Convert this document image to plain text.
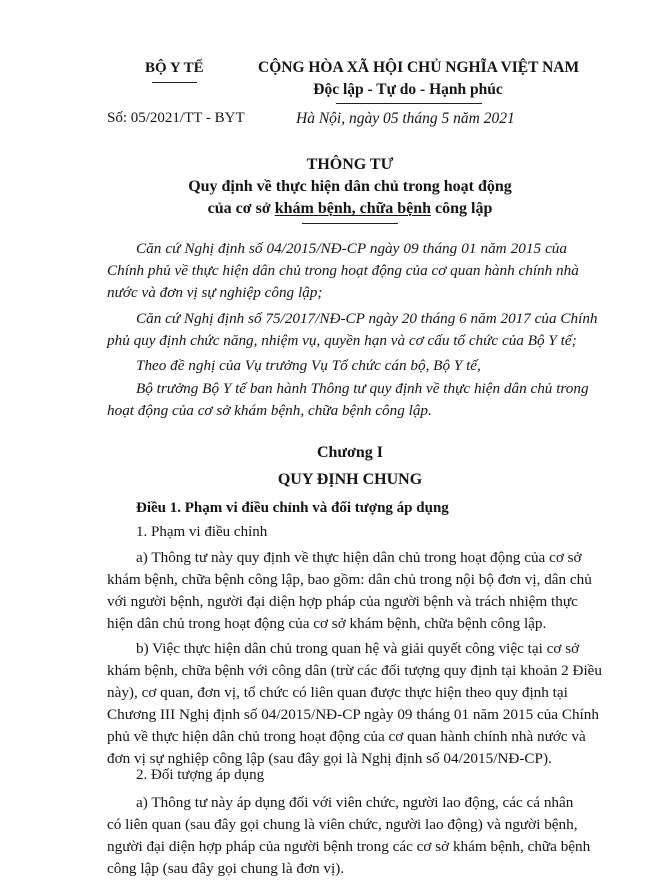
BỘ Y TẾ
Số: 05/2021/TT - BYT
CỘNG HÒA XÃ HỘI CHỦ NGHĨA VIỆT NAM
Độc lập - Tự do - Hạnh phúc
Hà Nội, ngày 05 tháng 5 năm 2021
THÔNG TƯ
Quy định về thực hiện dân chủ trong hoạt động
của cơ sở khám bệnh, chữa bệnh công lập
Căn cứ Nghị định số 04/2015/NĐ-CP ngày 09 tháng 01 năm 2015 của
Chính phủ về thực hiện dân chủ trong hoạt động của cơ quan hành chính nhà
nước và đơn vị sự nghiệp công lập;
Căn cứ Nghị định số 75/2017/NĐ-CP ngày 20 tháng 6 năm 2017 của Chính
phủ quy định chức năng, nhiệm vụ, quyền hạn và cơ cấu tổ chức của Bộ Y tế;
Theo đề nghị của Vụ trưởng Vụ Tổ chức cán bộ, Bộ Y tế,
Bộ trưởng Bộ Y tế ban hành Thông tư quy định về thực hiện dân chủ trong
hoạt động của cơ sở khám bệnh, chữa bệnh công lập.
Chương I
QUY ĐỊNH CHUNG
Điều 1. Phạm vi điều chỉnh và đối tượng áp dụng
1. Phạm vi điều chỉnh
a) Thông tư này quy định về thực hiện dân chủ trong hoạt động của cơ sở
khám bệnh, chữa bệnh công lập, bao gồm: dân chủ trong nội bộ đơn vị, dân chủ
với người bệnh, người đại diện hợp pháp của người bệnh và trách nhiệm thực
hiện dân chủ trong hoạt động của cơ sở khám bệnh, chữa bệnh công lập.
b) Việc thực hiện dân chủ trong quan hệ và giải quyết công việc tại cơ sở
khám bệnh, chữa bệnh với công dân (trừ các đối tượng quy định tại khoản 2 Điều
này), cơ quan, đơn vị, tổ chức có liên quan được thực hiện theo quy định tại
Chương III Nghị định số 04/2015/NĐ-CP ngày 09 tháng 01 năm 2015 của Chính
phủ về thực hiện dân chủ trong hoạt động của cơ quan hành chính nhà nước và
đơn vị sự nghiệp công lập (sau đây gọi là Nghị định số 04/2015/NĐ-CP).
2. Đối tượng áp dụng
a) Thông tư này áp dụng đối với viên chức, người lao động, các cá nhân
có liên quan (sau đây gọi chung là viên chức, người lao động) và người bệnh,
người đại diện hợp pháp của người bệnh trong các cơ sở khám bệnh, chữa bệnh
công lập (sau đây gọi chung là đơn vị).
